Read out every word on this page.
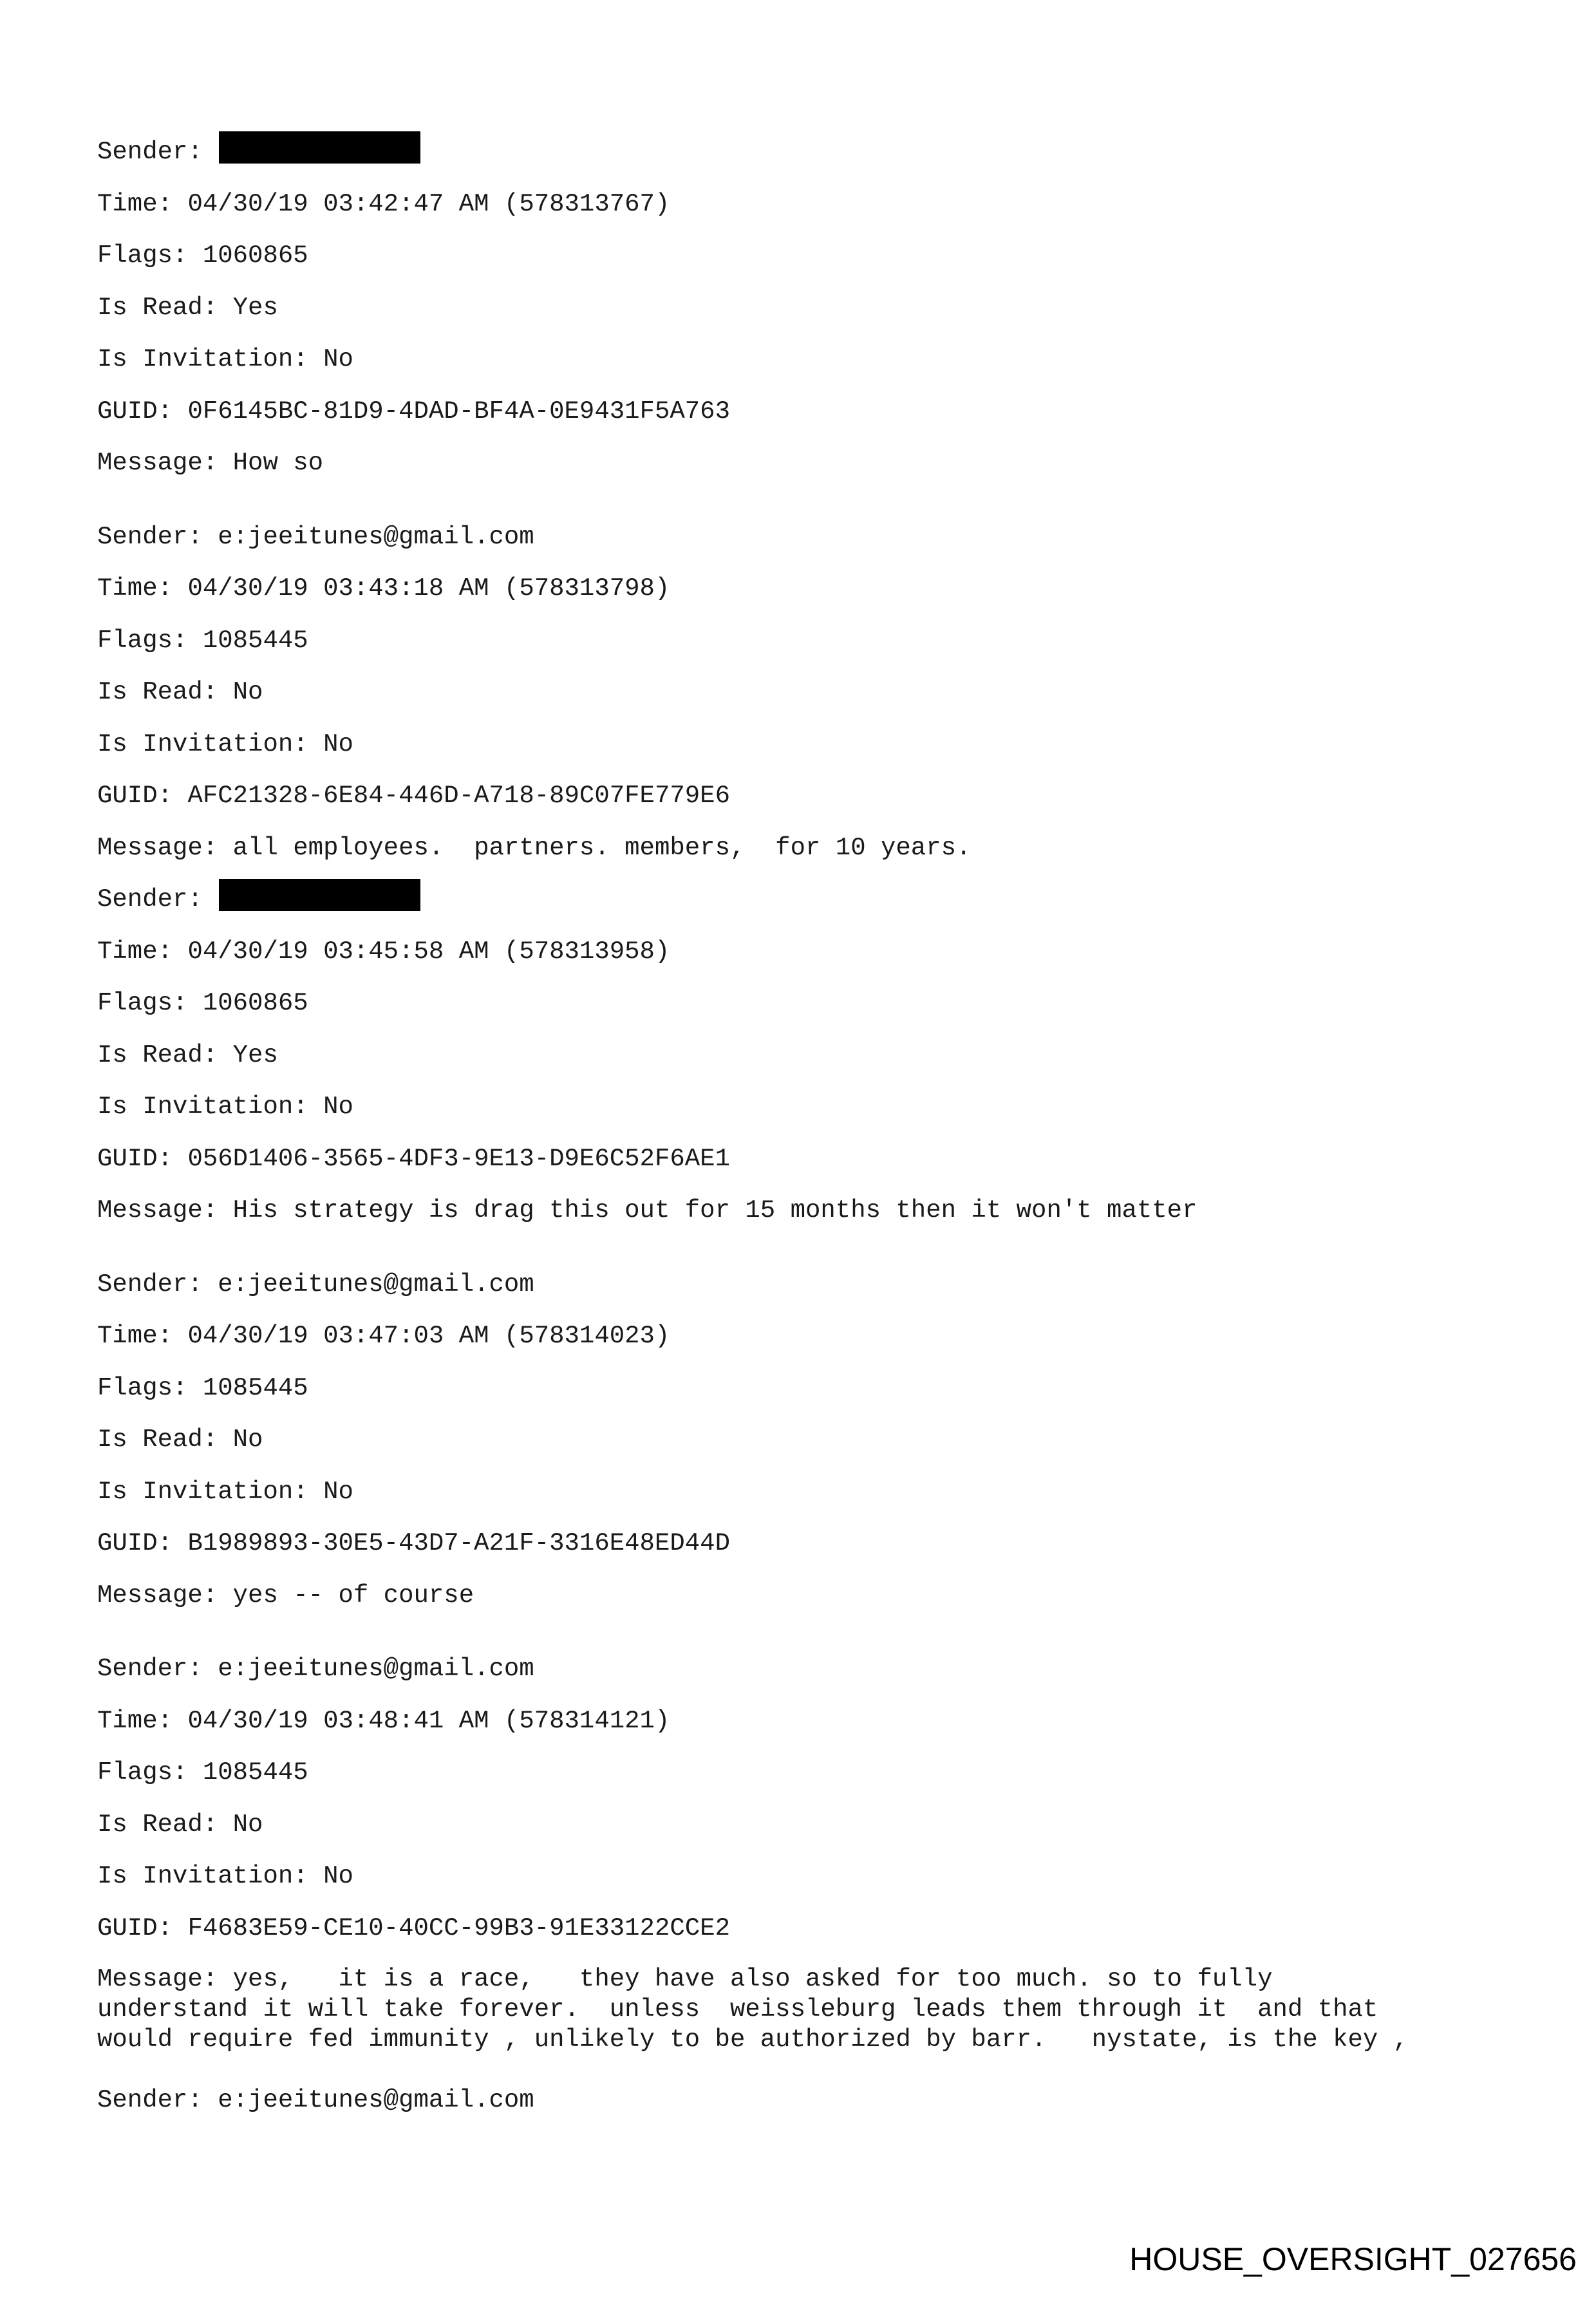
Sender:
Time: 04/30/19 03:42:47 AM (578313767)
Flags: 1060865
Is Read: Yes
Is Invitation: No
GUID: 0F6145BC-81D9-4DAD-BF4A-0E9431F5A763
Message: How so
Sender: e:jeeitunes@gmail.com
Time: 04/30/19 03:43:18 AM (578313798)
Flags: 1085445
Is Read: No
Is Invitation: No
GUID: AFC21328-6E84-446D-A718-89C07FE779E6
Message: all employees.  partners. members,  for 10 years.
Sender:
Time: 04/30/19 03:45:58 AM (578313958)
Flags: 1060865
Is Read: Yes
Is Invitation: No
GUID: 056D1406-3565-4DF3-9E13-D9E6C52F6AE1
Message: His strategy is drag this out for 15 months then it won't matter
Sender: e:jeeitunes@gmail.com
Time: 04/30/19 03:47:03 AM (578314023)
Flags: 1085445
Is Read: No
Is Invitation: No
GUID: B1989893-30E5-43D7-A21F-3316E48ED44D
Message: yes -- of course
Sender: e:jeeitunes@gmail.com
Time: 04/30/19 03:48:41 AM (578314121)
Flags: 1085445
Is Read: No
Is Invitation: No
GUID: F4683E59-CE10-40CC-99B3-91E33122CCE2
Message: yes,   it is a race,   they have also asked for too much. so to fully
understand it will take forever.  unless  weissleburg leads them through it  and that
would require fed immunity , unlikely to be authorized by barr.   nystate, is the key ,
Sender: e:jeeitunes@gmail.com
HOUSE_OVERSIGHT_027656
